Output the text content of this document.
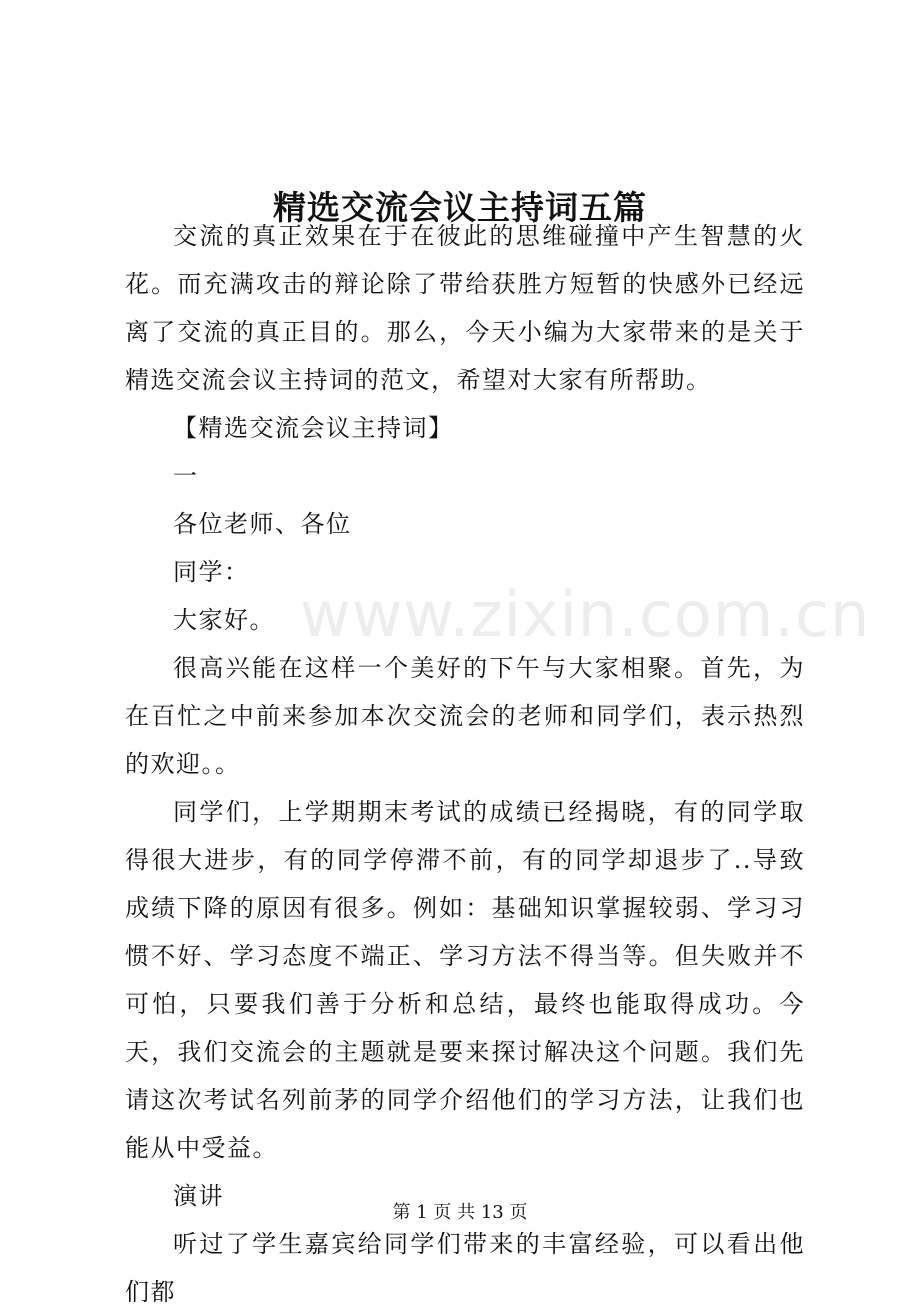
www.zixin.com.cn
精选交流会议主持词五篇

交流的真正效果在于在彼此的思维碰撞中产生智慧的火花。而充满攻击的辩论除了带给获胜方短暂的快感外已经远离了交流的真正目的。那么，今天小编为大家带来的是关于精选交流会议主持词的范文，希望对大家有所帮助。

【精选交流会议主持词】

一

各位老师、各位

同学：

大家好。

很高兴能在这样一个美好的下午与大家相聚。首先，为在百忙之中前来参加本次交流会的老师和同学们，表示热烈的欢迎。。

同学们，上学期期末考试的成绩已经揭晓，有的同学取得很大进步，有的同学停滞不前，有的同学却退步了..导致成绩下降的原因有很多。例如：基础知识掌握较弱、学习习惯不好、学习态度不端正、学习方法不得当等。但失败并不可怕，只要我们善于分析和总结，最终也能取得成功。今天，我们交流会的主题就是要来探讨解决这个问题。我们先请这次考试名列前茅的同学介绍他们的学习方法，让我们也能从中受益。

演讲

听过了学生嘉宾给同学们带来的丰富经验，可以看出他们都

第 1 页 共 13 页
